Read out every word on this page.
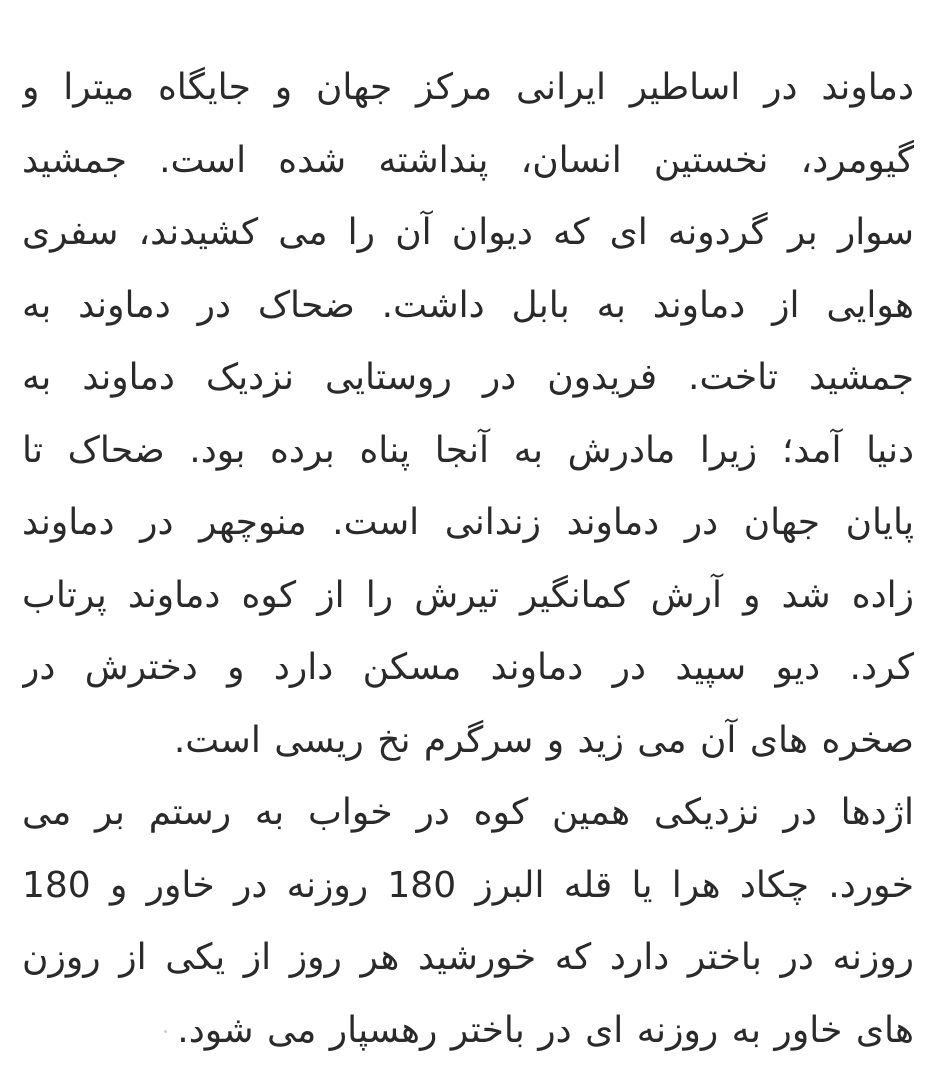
دماوند در اساطیر ایرانی مرکز جهان و جایگاه میترا و
گیومرد، نخستین انسان، پنداشته شده است. جمشید
سوار بر گردونه ای که دیوان آن را می کشیدند، سفری
هوایی از دماوند به بابل داشت. ضحاک در دماوند به
جمشید تاخت. فریدون در روستایی نزدیک دماوند به
دنیا آمد؛ زیرا مادرش به آنجا پناه برده بود. ضحاک تا
پایان جهان در دماوند زندانی است. منوچهر در دماوند
زاده شد و آرش کمانگیر تیرش را از کوه دماوند پرتاب
کرد. دیو سپید در دماوند مسکن دارد و دخترش در
صخره های آن می زید و سرگرم نخ ریسی است.
اژدها در نزدیکی همین کوه در خواب به رستم بر می
خورد. چکاد هرا یا قله البرز 180 روزنه در خاور و 180
روزنه در باختر دارد که خورشید هر روز از یکی از روزن
های خاور به روزنه ای در باختر رهسپار می شود.
